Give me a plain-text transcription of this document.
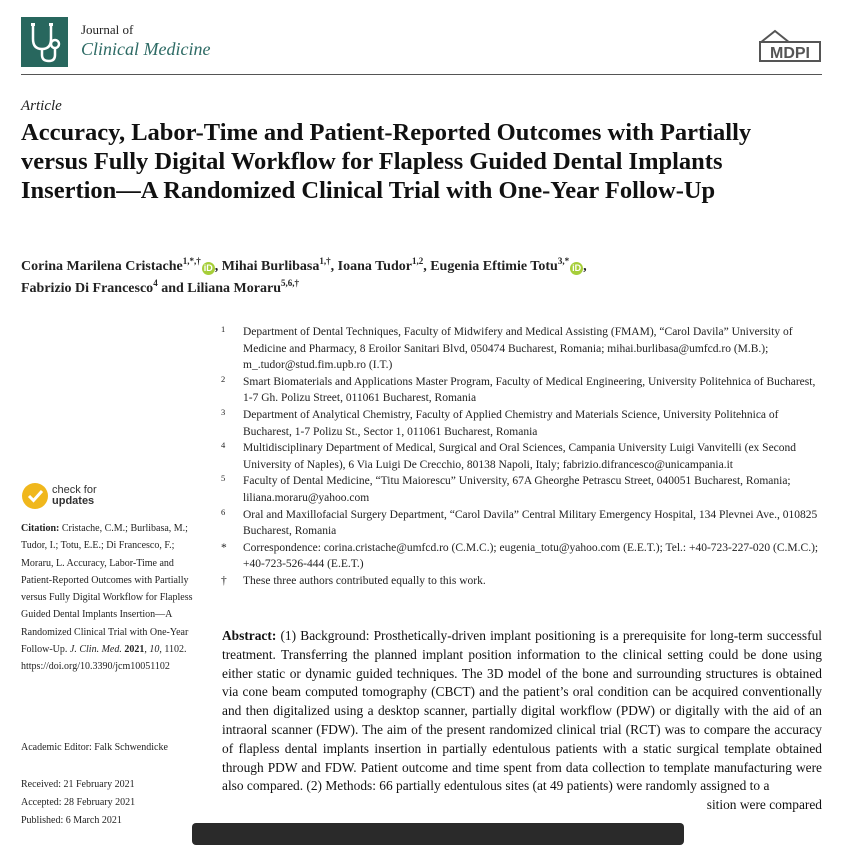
Journal of
Clinical Medicine	MDPI
Article
Accuracy, Labor-Time and Patient-Reported Outcomes with Partially versus Fully Digital Workflow for Flapless Guided Dental Implants Insertion—A Randomized Clinical Trial with One-Year Follow-Up
Corina Marilena Cristache$^{1,*,\dagger}$iD , Mihai Burlibasa$^{1,\dagger}$, Ioana Tudor$^{1,2}$, Eugenia Eftimie Totu$^{3,*}$iD ,
Fabrizio Di Francesco$^4$ and Liliana Moraru$^{5,6,\dagger}$
1 Department of Dental Techniques, Faculty of Midwifery and Medical Assisting (FMAM), “Carol Davila” University of Medicine and Pharmacy, 8 Eroilor Sanitari Blvd, 050474 Bucharest, Romania; mihai.burlibasa@umfcd.ro (M.B.); m_.tudor@stud.fim.upb.ro (I.T.)
2 Smart Biomaterials and Applications Master Program, Faculty of Medical Engineering, University Politehnica of Bucharest, 1-7 Gh. Polizu Street, 011061 Bucharest, Romania
3 Department of Analytical Chemistry, Faculty of Applied Chemistry and Materials Science, University Politehnica of Bucharest, 1-7 Polizu St., Sector 1, 011061 Bucharest, Romania
4 Multidisciplinary Department of Medical, Surgical and Oral Sciences, Campania University Luigi Vanvitelli (ex Second University of Naples), 6 Via Luigi De Crecchio, 80138 Napoli, Italy; fabrizio.difrancesco@unicampania.it
5 Faculty of Dental Medicine, “Titu Maiorescu” University, 67A Gheorghe Petrascu Street, 040051 Bucharest, Romania; liliana.moraru@yahoo.com
6 Oral and Maxillofacial Surgery Department, “Carol Davila” Central Military Emergency Hospital, 134 Plevnei Ave., 010825 Bucharest, Romania
* Correspondence: corina.cristache@umfcd.ro (C.M.C.); eugenia_totu@yahoo.com (E.E.T.); Tel.: +40-723-227-020 (C.M.C.); +40-723-526-444 (E.E.T.)
† These three authors contributed equally to this work.
check for
updates
Citation: Cristache, C.M.; Burlibasa, M.; Tudor, I.; Totu, E.E.; Di Francesco, F.; Moraru, L. Accuracy, Labor-Time and Patient-Reported Outcomes with Partially versus Fully Digital Workflow for Flapless Guided Dental Implants Insertion—A Randomized Clinical Trial with One-Year Follow-Up. J. Clin. Med. 2021, 10, 1102. https://doi.org/10.3390/jcm10051102
Academic Editor: Falk Schwendicke
Received: 21 February 2021
Accepted: 28 February 2021
Published: 6 March 2021
Abstract: (1) Background: Prosthetically-driven implant positioning is a prerequisite for long-term successful treatment. Transferring the planned implant position information to the clinical setting could be done using either static or dynamic guided techniques. The 3D model of the bone and surrounding structures is obtained via cone beam computed tomography (CBCT) and the patient’s oral condition can be acquired conventionally and then digitalized using a desktop scanner, partially digital workflow (PDW) or digitally with the aid of an intraoral scanner (FDW). The aim of the present randomized clinical trial (RCT) was to compare the accuracy of flapless dental implants insertion in partially edentulous patients with a static surgical template obtained through PDW and FDW. Patient outcome and time spent from data collection to template manufacturing were also compared. (2) Methods: 66 partially edentulous sites (at 49 patients) were randomly assigned to a
sition were compared
